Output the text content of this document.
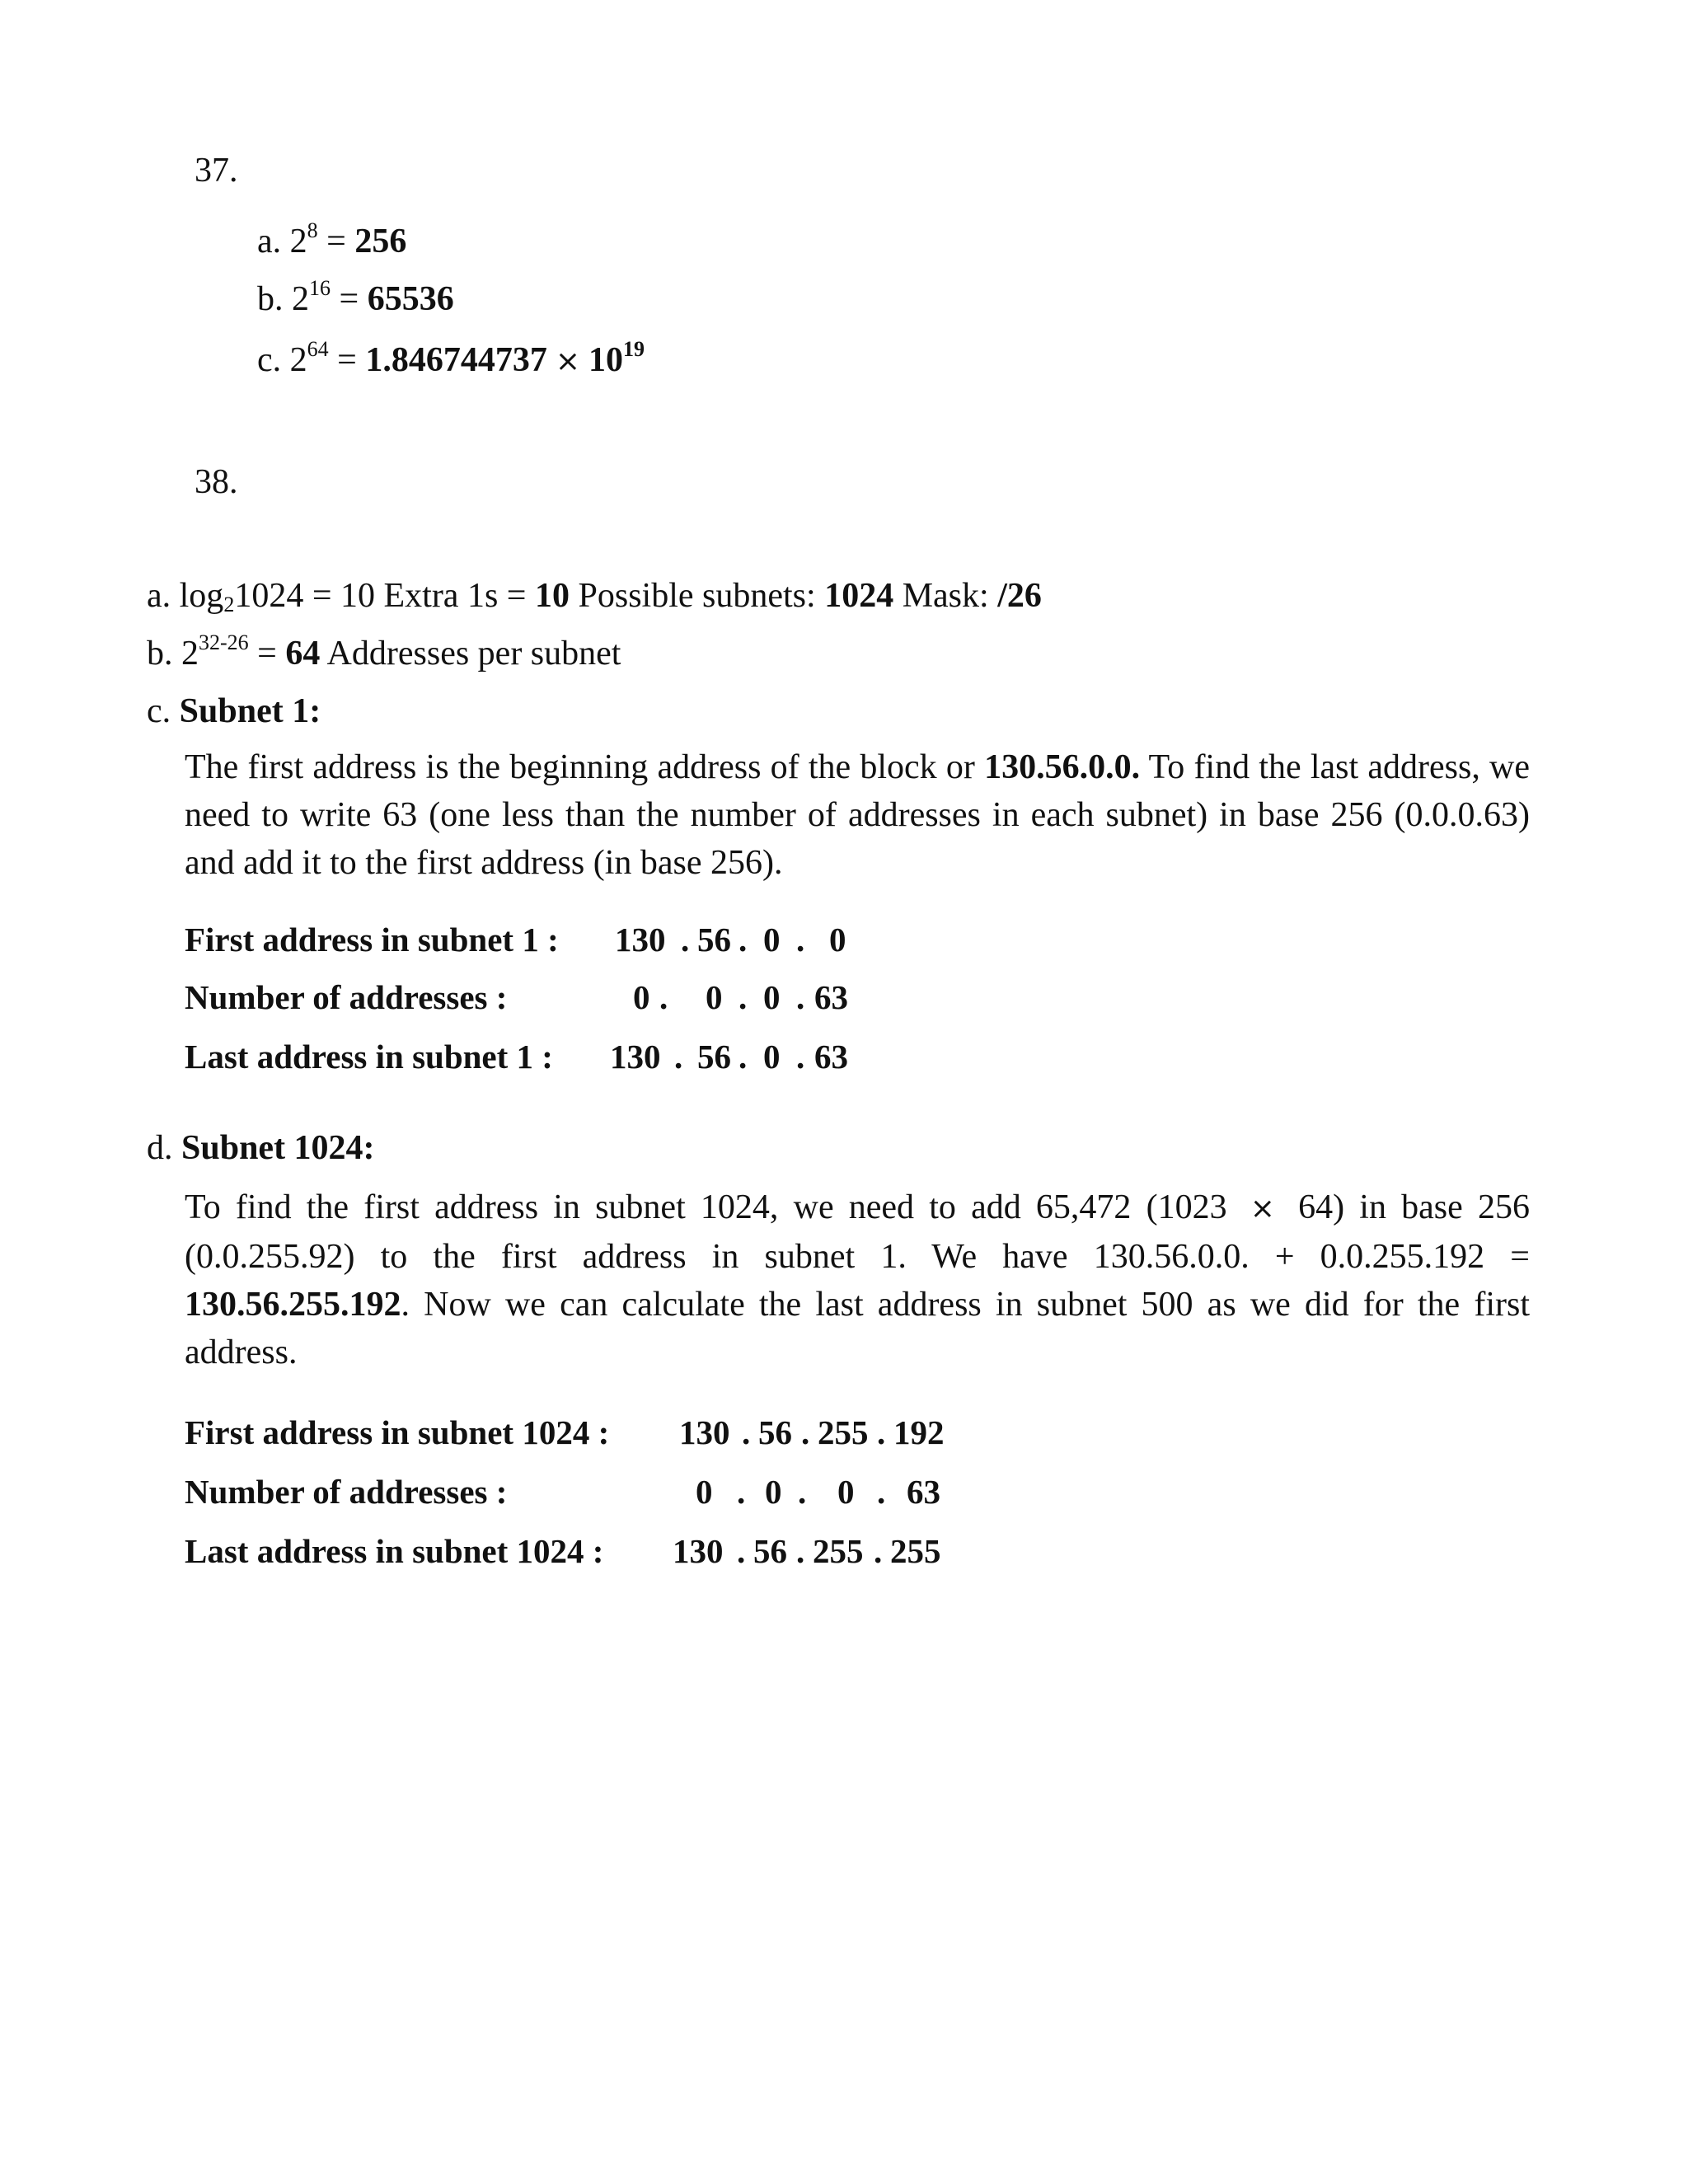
37.
a. $2^8 = 256$
b. $2^{16} = 65536$
c. $2^{64} = 1.846744737 \times 10^{19}$
38.
a. $\log_21024 = 10$ Extra 1s = 10 Possible subnets: 1024 Mask: /26
b. $2^{32-26} = 64$ Addresses per subnet
c. Subnet 1:
The first address is the beginning address of the block or 130.56.0.0. To find the last address, we need to write 63 (one less than the number of addresses in each subnet) in base 256 (0.0.0.63) and add it to the first address (in base 256).
First address in subnet 1 : 130 . 56 . 0 . 0
Number of addresses :	0 . 0 . 0 . 63
Last address in subnet 1 : 130 . 56 . 0 . 63
d. Subnet 1024:
To find the first address in subnet 1024, we need to add 65,472 (1023 × 64) in base 256 (0.0.255.92) to the first address in subnet 1. We have 130.56.0.0. + 0.0.255.192 = 130.56.255.192. Now we can calculate the last address in subnet 500 as we did for the first address.
First address in subnet 1024 : 130 . 56 . 255 . 192
Number of addresses :	0 . 0 . 0 . 63
Last address in subnet 1024 : 130 . 56 . 255 . 255
